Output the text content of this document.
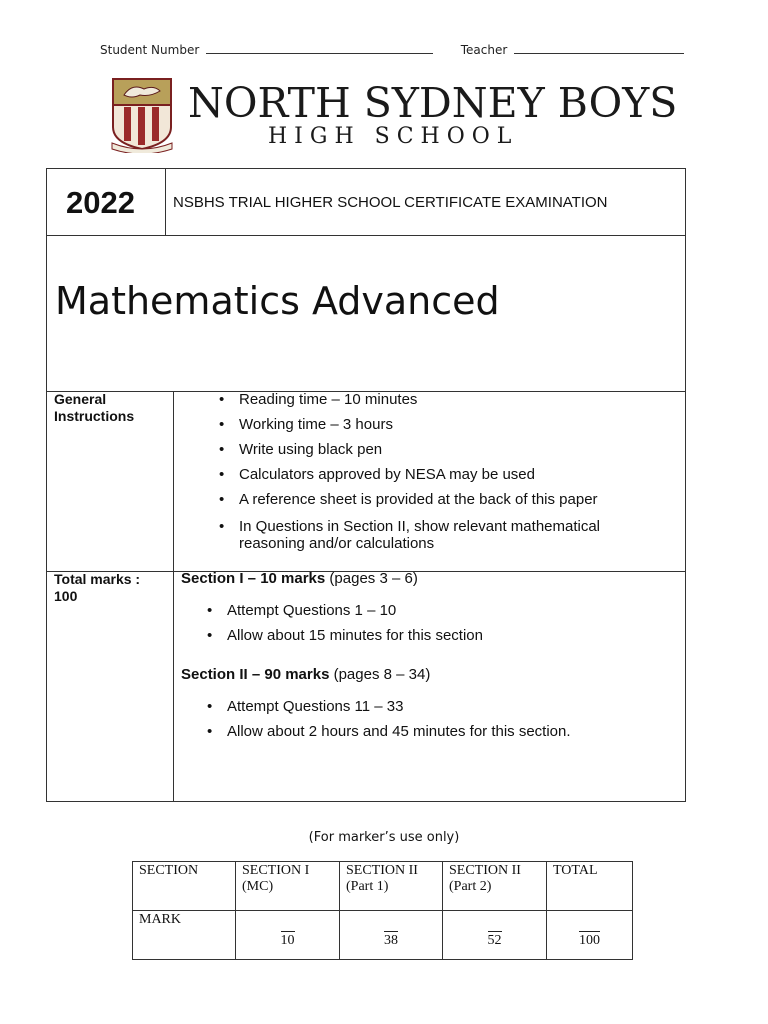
Student Number	Teacher
NORTH SYDNEY BOYS
HIGH SCHOOL
2022	NSBHS TRIAL HIGHER SCHOOL CERTIFICATE EXAMINATION
Mathematics Advanced
General Instructions
• Reading time – 10 minutes
• Working time – 3 hours
• Write using black pen
• Calculators approved by NESA may be used
• A reference sheet is provided at the back of this paper
• In Questions in Section II, show relevant mathematical reasoning and/or calculations
Total marks : 100
Section I – 10 marks (pages 3 – 6)
• Attempt Questions 1 – 10
• Allow about 15 minutes for this section
Section II – 90 marks (pages 8 – 34)
• Attempt Questions 11 – 33
• Allow about 2 hours and 45 minutes for this section.
(For marker’s use only)
SECTION	SECTION I (MC)	SECTION II (Part 1)	SECTION II (Part 2)	TOTAL
MARK	10	38	52	100
